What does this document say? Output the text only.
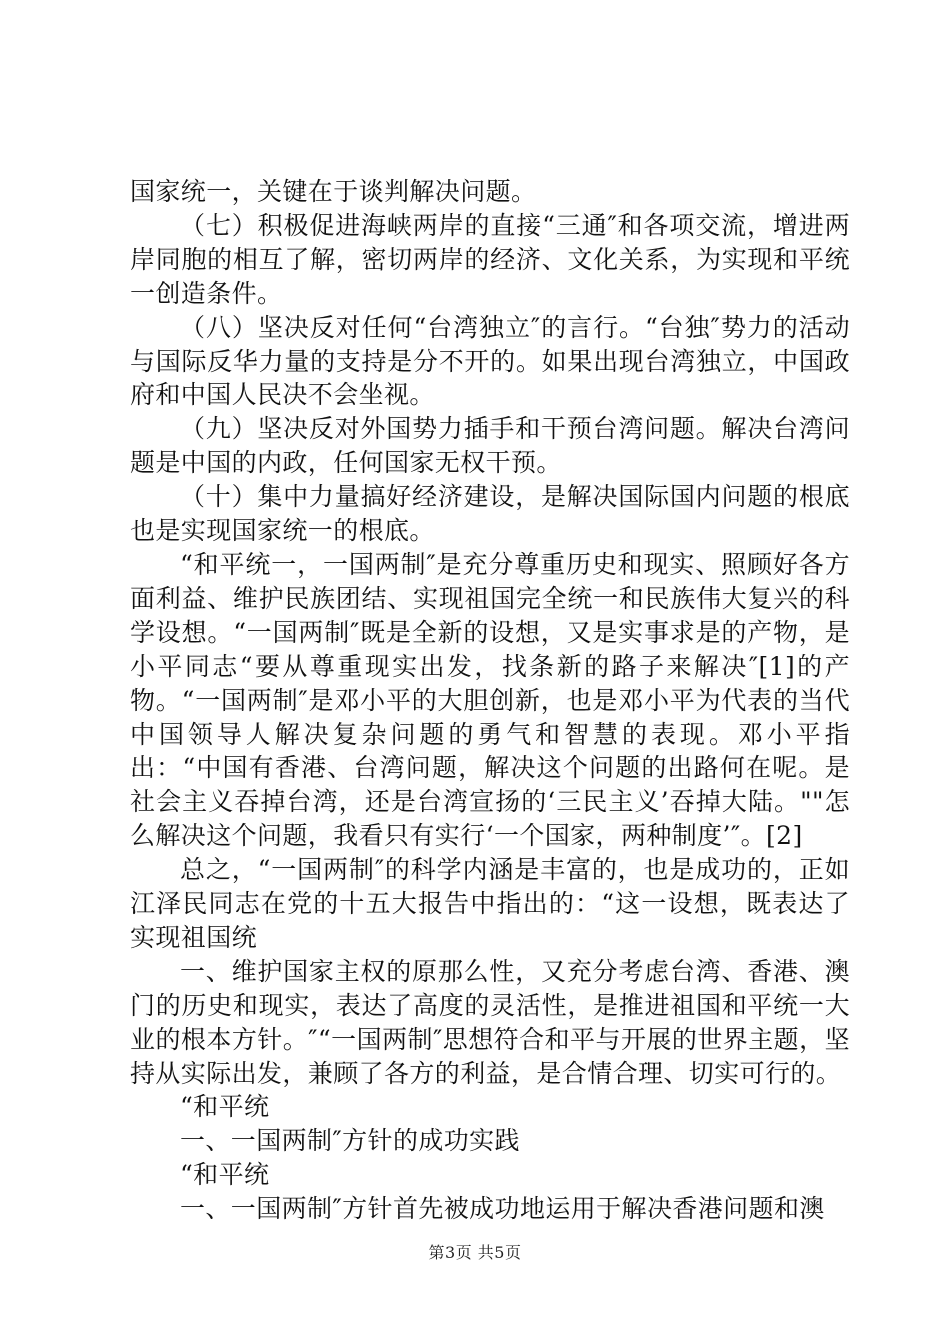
国家统一，关键在于谈判解决问题。

（七）积极促进海峡两岸的直接“三通″和各项交流，增进两岸同胞的相互了解，密切两岸的经济、文化关系，为实现和平统一创造条件。

（八）坚决反对任何“台湾独立″的言行。“台独″势力的活动与国际反华力量的支持是分不开的。如果出现台湾独立，中国政府和中国人民决不会坐视。

（九）坚决反对外国势力插手和干预台湾问题。解决台湾问题是中国的内政，任何国家无权干预。

（十）集中力量搞好经济建设，是解决国际国内问题的根底也是实现国家统一的根底。

“和平统一，一国两制″是充分尊重历史和现实、照顾好各方面利益、维护民族团结、实现祖国完全统一和民族伟大复兴的科学设想。“一国两制″既是全新的设想，又是实事求是的产物，是小平同志“要从尊重现实出发，找条新的路子来解决″[1]的产物。“一国两制″是邓小平的大胆创新，也是邓小平为代表的当代中国领导人解决复杂问题的勇气和智慧的表现。邓小平指出：“中国有香港、台湾问题，解决这个问题的出路何在呢。是社会主义吞掉台湾，还是台湾宣扬的‘三民主义’吞掉大陆。""怎么解决这个问题，我看只有实行‘一个国家，两种制度’″。[2]

总之，“一国两制″的科学内涵是丰富的，也是成功的，正如江泽民同志在党的十五大报告中指出的：“这一设想，既表达了实现祖国统

一、维护国家主权的原那么性，又充分考虑台湾、香港、澳门的历史和现实，表达了高度的灵活性，是推进祖国和平统一大业的根本方针。″“一国两制″思想符合和平与开展的世界主题，坚持从实际出发，兼顾了各方的利益，是合情合理、切实可行的。

“和平统

一、一国两制″方针的成功实践

“和平统

一、一国两制″方针首先被成功地运用于解决香港问题和澳

第3页 共5页
